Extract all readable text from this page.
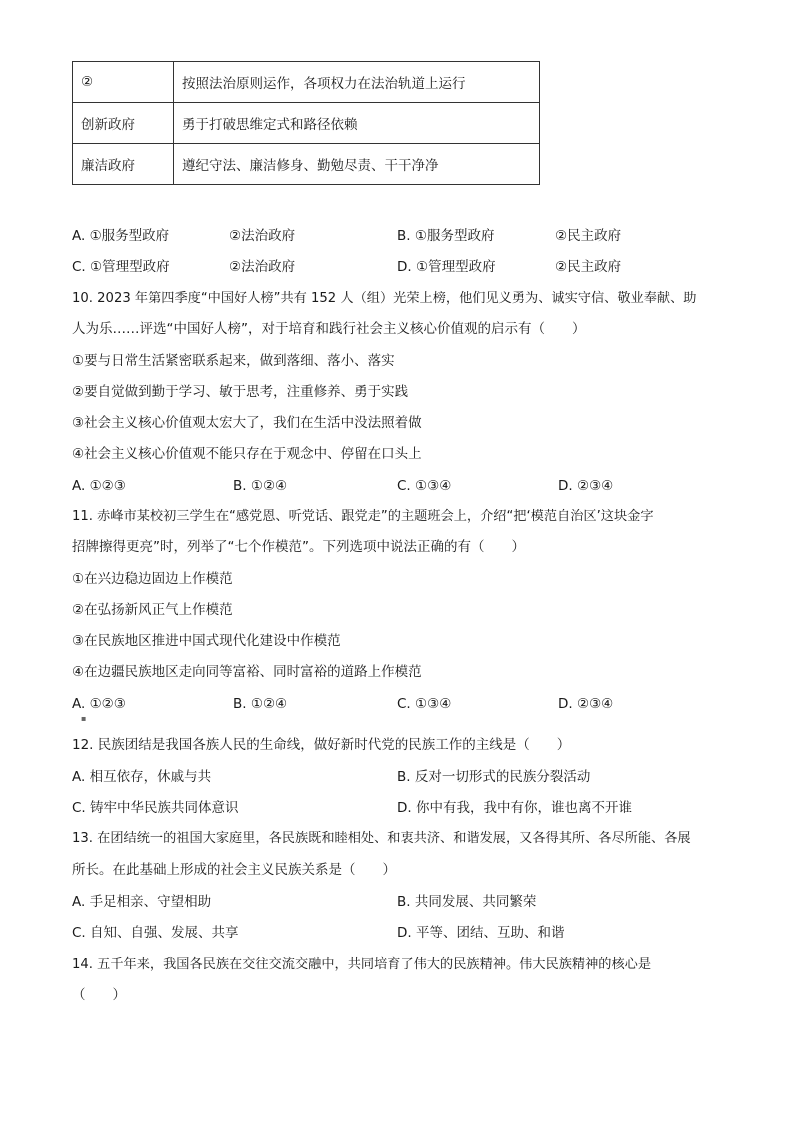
②	按照法治原则运作，各项权力在法治轨道上运行
创新政府	勇于打破思维定式和路径依赖
廉洁政府	遵纪守法、廉洁修身、勤勉尽责、干干净净
A. ①服务型政府	②法治政府	B. ①服务型政府	②民主政府
C. ①管理型政府	②法治政府	D. ①管理型政府	②民主政府
10. 2023 年第四季度“中国好人榜”共有 152 人（组）光荣上榜，他们见义勇为、诚实守信、敬业奉献、助
人为乐……评选“中国好人榜”，对于培育和践行社会主义核心价值观的启示有（　　）
①要与日常生活紧密联系起来，做到落细、落小、落实
②要自觉做到勤于学习、敏于思考，注重修养、勇于实践
③社会主义核心价值观太宏大了，我们在生活中没法照着做
④社会主义核心价值观不能只存在于观念中、停留在口头上
A. ①②③	B. ①②④	C. ①③④	D. ②③④
11. 赤峰市某校初三学生在“感党恩、听党话、跟党走”的主题班会上，介绍“把‘模范自治区’这块金字
招牌擦得更亮”时，列举了“七个作模范”。下列选项中说法正确的有（　　）
①在兴边稳边固边上作模范
②在弘扬新风正气上作模范
③在民族地区推进中国式现代化建设中作模范
④在边疆民族地区走向同等富裕、同时富裕的道路上作模范
A. ①②③	B. ①②④	C. ①③④	D. ②③④
▪
12. 民族团结是我国各族人民的生命线，做好新时代党的民族工作的主线是（　　）
A. 相互依存，休戚与共	B. 反对一切形式的民族分裂活动
C. 铸牢中华民族共同体意识	D. 你中有我，我中有你，谁也离不开谁
13. 在团结统一的祖国大家庭里，各民族既和睦相处、和衷共济、和谐发展，又各得其所、各尽所能、各展
所长。在此基础上形成的社会主义民族关系是（　　）
A. 手足相亲、守望相助	B. 共同发展、共同繁荣
C. 自知、自强、发展、共享	D. 平等、团结、互助、和谐
14. 五千年来，我国各民族在交往交流交融中，共同培育了伟大的民族精神。伟大民族精神的核心是
（　　）
